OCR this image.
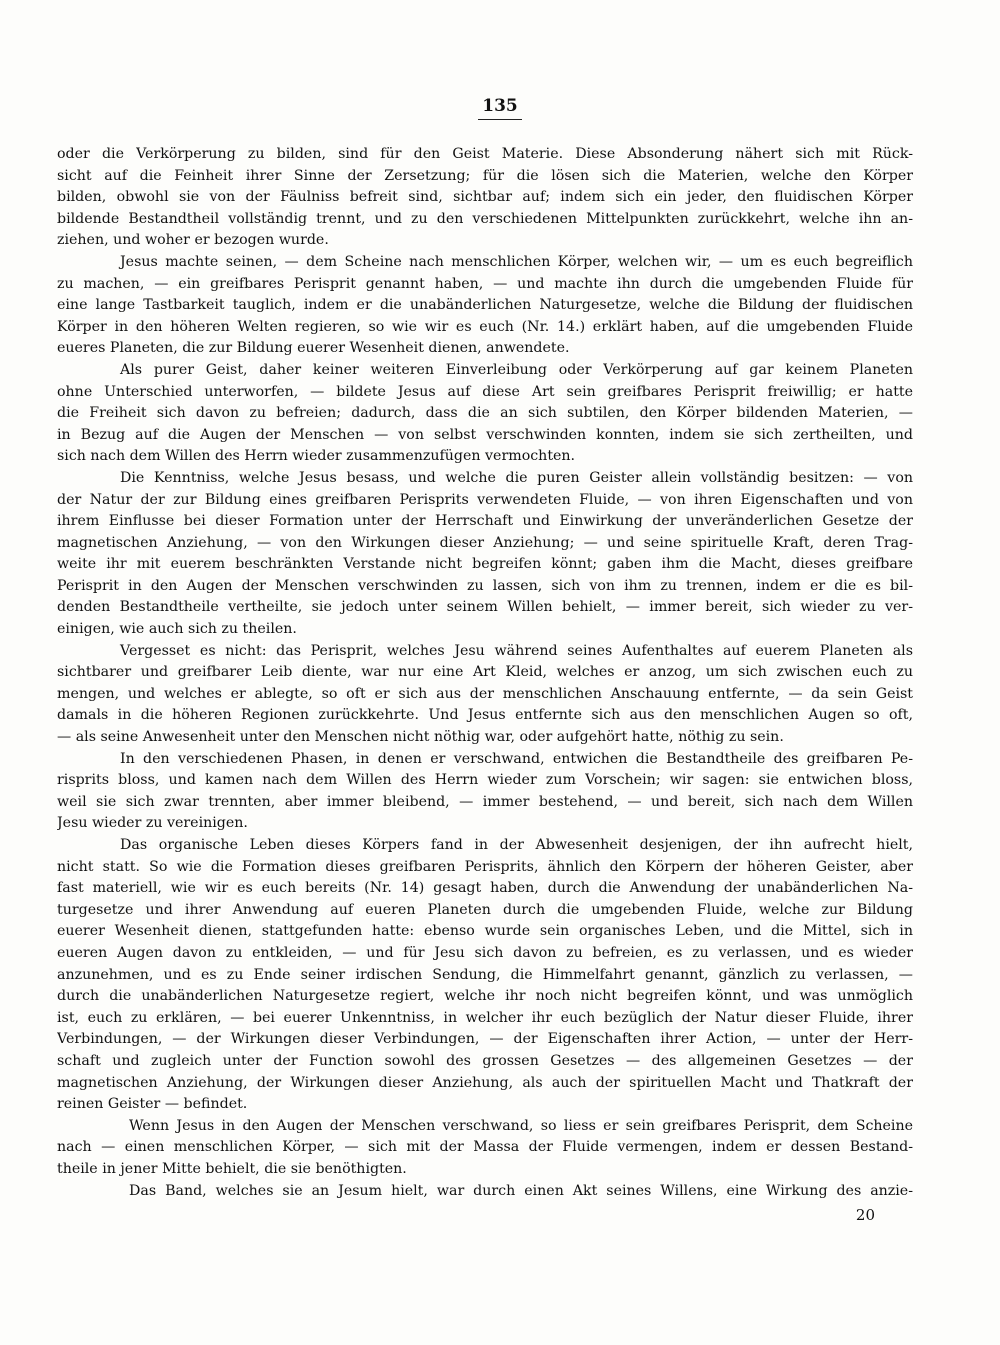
135
oder die Verkörperung zu bilden, sind für den Geist Materie. Diese Absonderung nähert sich mit Rück-
sicht auf die Feinheit ihrer Sinne der Zersetzung; für die lösen sich die Materien, welche den Körper
bilden, obwohl sie von der Fäulniss befreit sind, sichtbar auf; indem sich ein jeder, den fluidischen Körper
bildende Bestandtheil vollständig trennt, und zu den verschiedenen Mittelpunkten zurückkehrt, welche ihn an-
ziehen, und woher er bezogen wurde.
Jesus machte seinen, — dem Scheine nach menschlichen Körper, welchen wir, — um es euch begreiflich
zu machen, — ein greifbares Perisprit genannt haben, — und machte ihn durch die umgebenden Fluide für
eine lange Tastbarkeit tauglich, indem er die unabänderlichen Naturgesetze, welche die Bildung der fluidischen
Körper in den höheren Welten regieren, so wie wir es euch (Nr. 14.) erklärt haben, auf die umgebenden Fluide
eueres Planeten, die zur Bildung euerer Wesenheit dienen, anwendete.
Als purer Geist, daher keiner weiteren Einverleibung oder Verkörperung auf gar keinem Planeten
ohne Unterschied unterworfen, — bildete Jesus auf diese Art sein greifbares Perisprit freiwillig; er hatte
die Freiheit sich davon zu befreien; dadurch, dass die an sich subtilen, den Körper bildenden Materien, —
in Bezug auf die Augen der Menschen — von selbst verschwinden konnten, indem sie sich zertheilten, und
sich nach dem Willen des Herrn wieder zusammenzufügen vermochten.
Die Kenntniss, welche Jesus besass, und welche die puren Geister allein vollständig besitzen: — von
der Natur der zur Bildung eines greifbaren Perisprits verwendeten Fluide, — von ihren Eigenschaften und von
ihrem Einflusse bei dieser Formation unter der Herrschaft und Einwirkung der unveränderlichen Gesetze der
magnetischen Anziehung, — von den Wirkungen dieser Anziehung; — und seine spirituelle Kraft, deren Trag-
weite ihr mit euerem beschränkten Verstande nicht begreifen könnt; gaben ihm die Macht, dieses greifbare
Perisprit in den Augen der Menschen verschwinden zu lassen, sich von ihm zu trennen, indem er die es bil-
denden Bestandtheile vertheilte, sie jedoch unter seinem Willen behielt, — immer bereit, sich wieder zu ver-
einigen, wie auch sich zu theilen.
Vergesset es nicht: das Perisprit, welches Jesu während seines Aufenthaltes auf euerem Planeten als
sichtbarer und greifbarer Leib diente, war nur eine Art Kleid, welches er anzog, um sich zwischen euch zu
mengen, und welches er ablegte, so oft er sich aus der menschlichen Anschauung entfernte, — da sein Geist
damals in die höheren Regionen zurückkehrte. Und Jesus entfernte sich aus den menschlichen Augen so oft,
— als seine Anwesenheit unter den Menschen nicht nöthig war, oder aufgehört hatte, nöthig zu sein.
In den verschiedenen Phasen, in denen er verschwand, entwichen die Bestandtheile des greifbaren Pe-
risprits bloss, und kamen nach dem Willen des Herrn wieder zum Vorschein; wir sagen: sie entwichen bloss,
weil sie sich zwar trennten, aber immer bleibend, — immer bestehend, — und bereit, sich nach dem Willen
Jesu wieder zu vereinigen.
Das organische Leben dieses Körpers fand in der Abwesenheit desjenigen, der ihn aufrecht hielt,
nicht statt. So wie die Formation dieses greifbaren Perisprits, ähnlich den Körpern der höheren Geister, aber
fast materiell, wie wir es euch bereits (Nr. 14) gesagt haben, durch die Anwendung der unabänderlichen Na-
turgesetze und ihrer Anwendung auf eueren Planeten durch die umgebenden Fluide, welche zur Bildung
euerer Wesenheit dienen, stattgefunden hatte: ebenso wurde sein organisches Leben, und die Mittel, sich in
eueren Augen davon zu entkleiden, — und für Jesu sich davon zu befreien, es zu verlassen, und es wieder
anzunehmen, und es zu Ende seiner irdischen Sendung, die Himmelfahrt genannt, gänzlich zu verlassen, —
durch die unabänderlichen Naturgesetze regiert, welche ihr noch nicht begreifen könnt, und was unmöglich
ist, euch zu erklären, — bei euerer Unkenntniss, in welcher ihr euch bezüglich der Natur dieser Fluide, ihrer
Verbindungen, — der Wirkungen dieser Verbindungen, — der Eigenschaften ihrer Action, — unter der Herr-
schaft und zugleich unter der Function sowohl des grossen Gesetzes — des allgemeinen Gesetzes — der
magnetischen Anziehung, der Wirkungen dieser Anziehung, als auch der spirituellen Macht und Thatkraft der
reinen Geister — befindet.
Wenn Jesus in den Augen der Menschen verschwand, so liess er sein greifbares Perisprit, dem Scheine
nach — einen menschlichen Körper, — sich mit der Massa der Fluide vermengen, indem er dessen Bestand-
theile in jener Mitte behielt, die sie benöthigten.
Das Band, welches sie an Jesum hielt, war durch einen Akt seines Willens, eine Wirkung des anzie-
20
